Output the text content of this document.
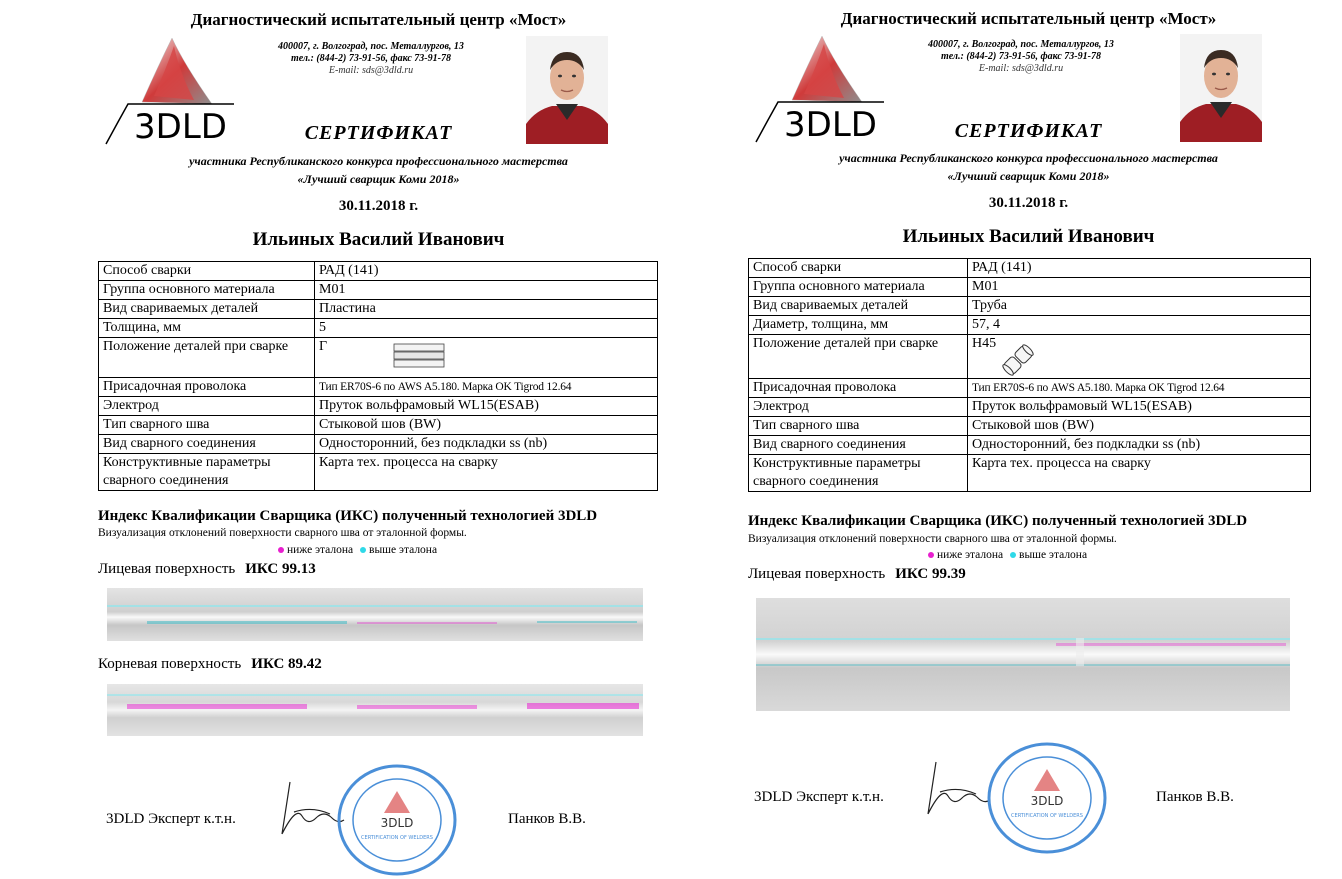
Диагностический испытательный центр «Мост»
3DLD
400007, г. Волгоград, пос. Металлургов, 13
тел.: (844-2) 73-91-56, факс 73-91-78
E-mail: sds@3dld.ru
СЕРТИФИКАТ
участника Республиканского конкурса профессионального мастерства
«Лучший сварщик Коми 2018»
30.11.2018 г.
Ильиных Василий Иванович
Способ сварки	РАД (141)
Группа основного материала	М01
Вид свариваемых деталей	Пластина
Толщина, мм	5
Положение деталей при сварке	Г

Присадочная проволока	Тип ER70S-6 по AWS A5.180. Марка OK Tigrod 12.64
Электрод	Пруток вольфрамовый WL15(ESAB)
Тип сварного шва	Стыковой шов (BW)
Вид сварного соединения	Односторонний, без подкладки ss (nb)
Конструктивные параметры сварного соединения	Карта тех. процесса на сварку
Индекс Квалификации Сварщика (ИКС) полученный технологией 3DLD
Визуализация отклонений поверхности сварного шва от эталонной формы.
ниже эталона выше эталона
Лицевая поверхность ИКС 99.13
Корневая поверхность ИКС 89.42
3DLD Эксперт к.т.н.	3DLD
CERTIFICATION OF WELDERS
Панков В.В.
Диагностический испытательный центр «Мост»
3DLD
400007, г. Волгоград, пос. Металлургов, 13
тел.: (844-2) 73-91-56, факс 73-91-78
E-mail: sds@3dld.ru
СЕРТИФИКАТ
участника Республиканского конкурса профессионального мастерства
«Лучший сварщик Коми 2018»
30.11.2018 г.
Ильиных Василий Иванович
Способ сварки	РАД (141)
Группа основного материала	М01
Вид свариваемых деталей	Труба
Диаметр, толщина, мм	57, 4
Положение деталей при сварке	H45

Присадочная проволока	Тип ER70S-6 по AWS A5.180. Марка OK Tigrod 12.64
Электрод	Пруток вольфрамовый WL15(ESAB)
Тип сварного шва	Стыковой шов (BW)
Вид сварного соединения	Односторонний, без подкладки ss (nb)
Конструктивные параметры сварного соединения	Карта тех. процесса на сварку
Индекс Квалификации Сварщика (ИКС) полученный технологией 3DLD
Визуализация отклонений поверхности сварного шва от эталонной формы.
ниже эталона выше эталона
Лицевая поверхность ИКС 99.39
3DLD Эксперт к.т.н.	3DLD
CERTIFICATION OF WELDERS
Панков В.В.
